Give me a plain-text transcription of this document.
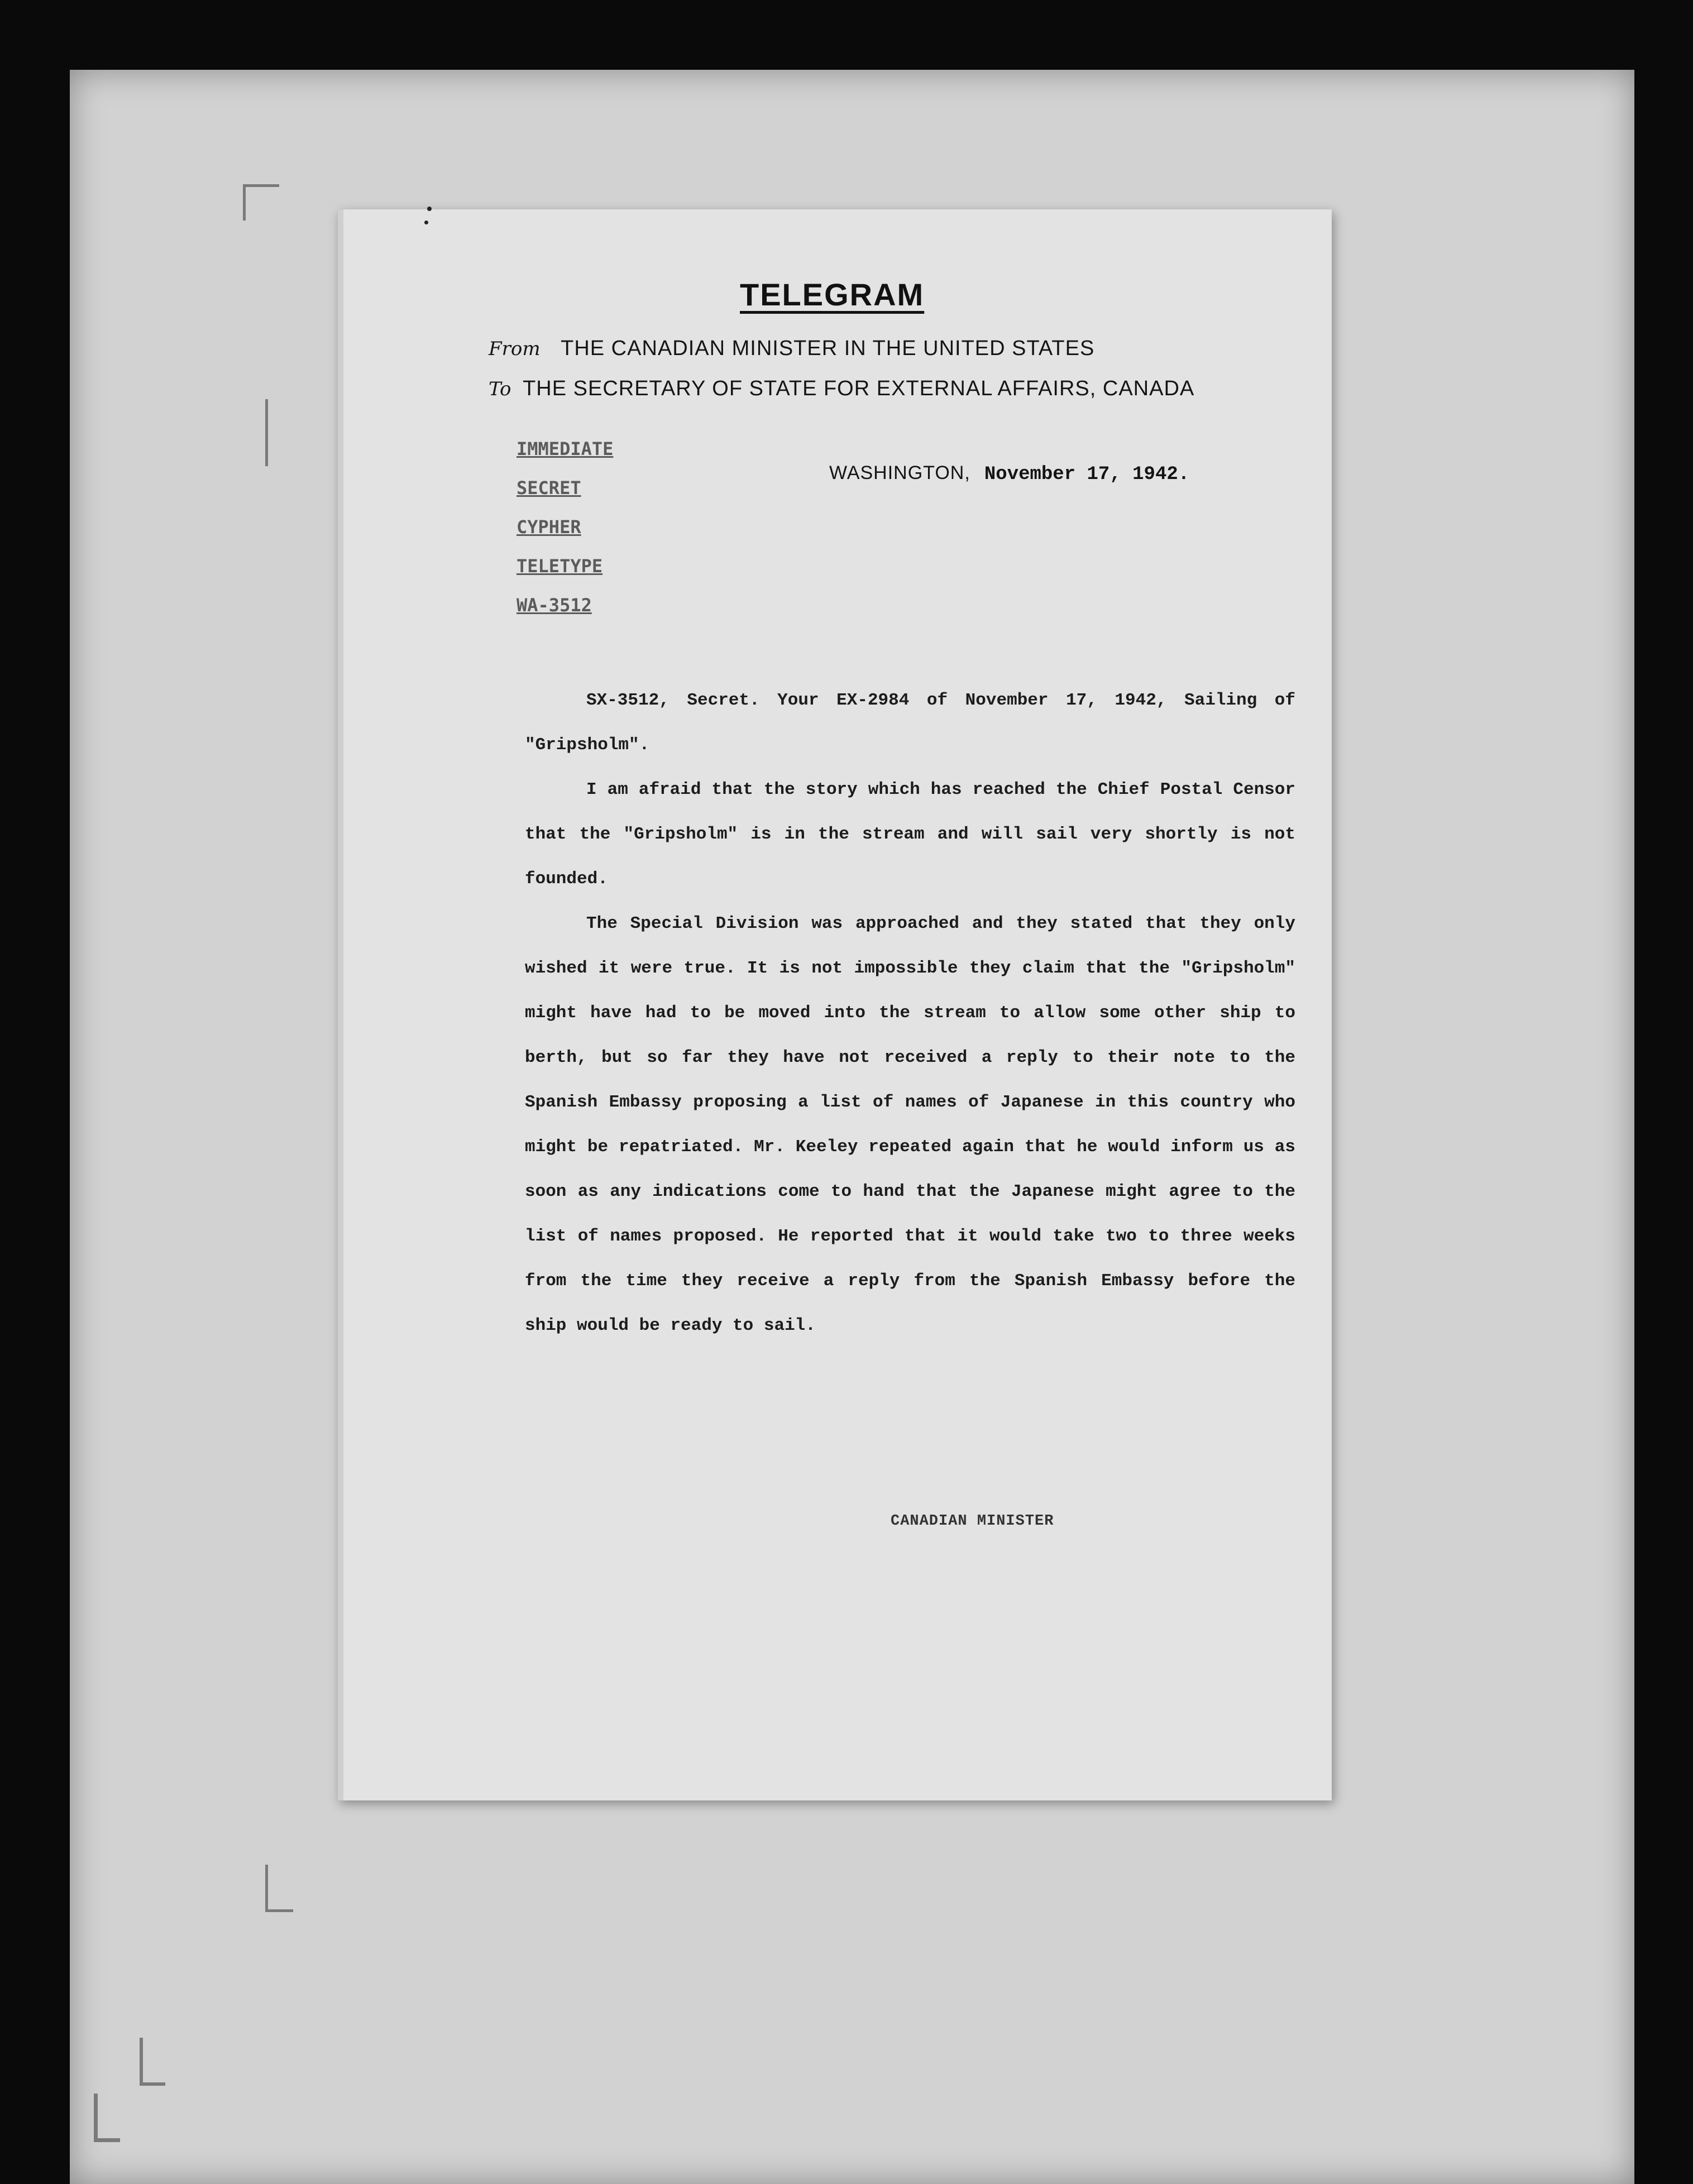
TELEGRAM
From THE CANADIAN MINISTER IN THE UNITED STATES
To THE SECRETARY OF STATE FOR EXTERNAL AFFAIRS, CANADA
IMMEDIATE
SECRET
CYPHER
TELETYPE
WA-3512
WASHINGTON, November 17, 1942.

SX-3512, Secret. Your EX-2984 of November 17, 1942, Sailing of "Gripsholm".

I am afraid that the story which has reached the Chief Postal Censor that the "Gripsholm" is in the stream and will sail very shortly is not founded.

The Special Division was approached and they stated that they only wished it were true. It is not impossible they claim that the "Gripsholm" might have had to be moved into the stream to allow some other ship to berth, but so far they have not received a reply to their note to the Spanish Embassy proposing a list of names of Japanese in this country who might be repatriated. Mr. Keeley repeated again that he would inform us as soon as any indications come to hand that the Japanese might agree to the list of names proposed. He reported that it would take two to three weeks from the time they receive a reply from the Spanish Embassy before the ship would be ready to sail.

CANADIAN MINISTER
